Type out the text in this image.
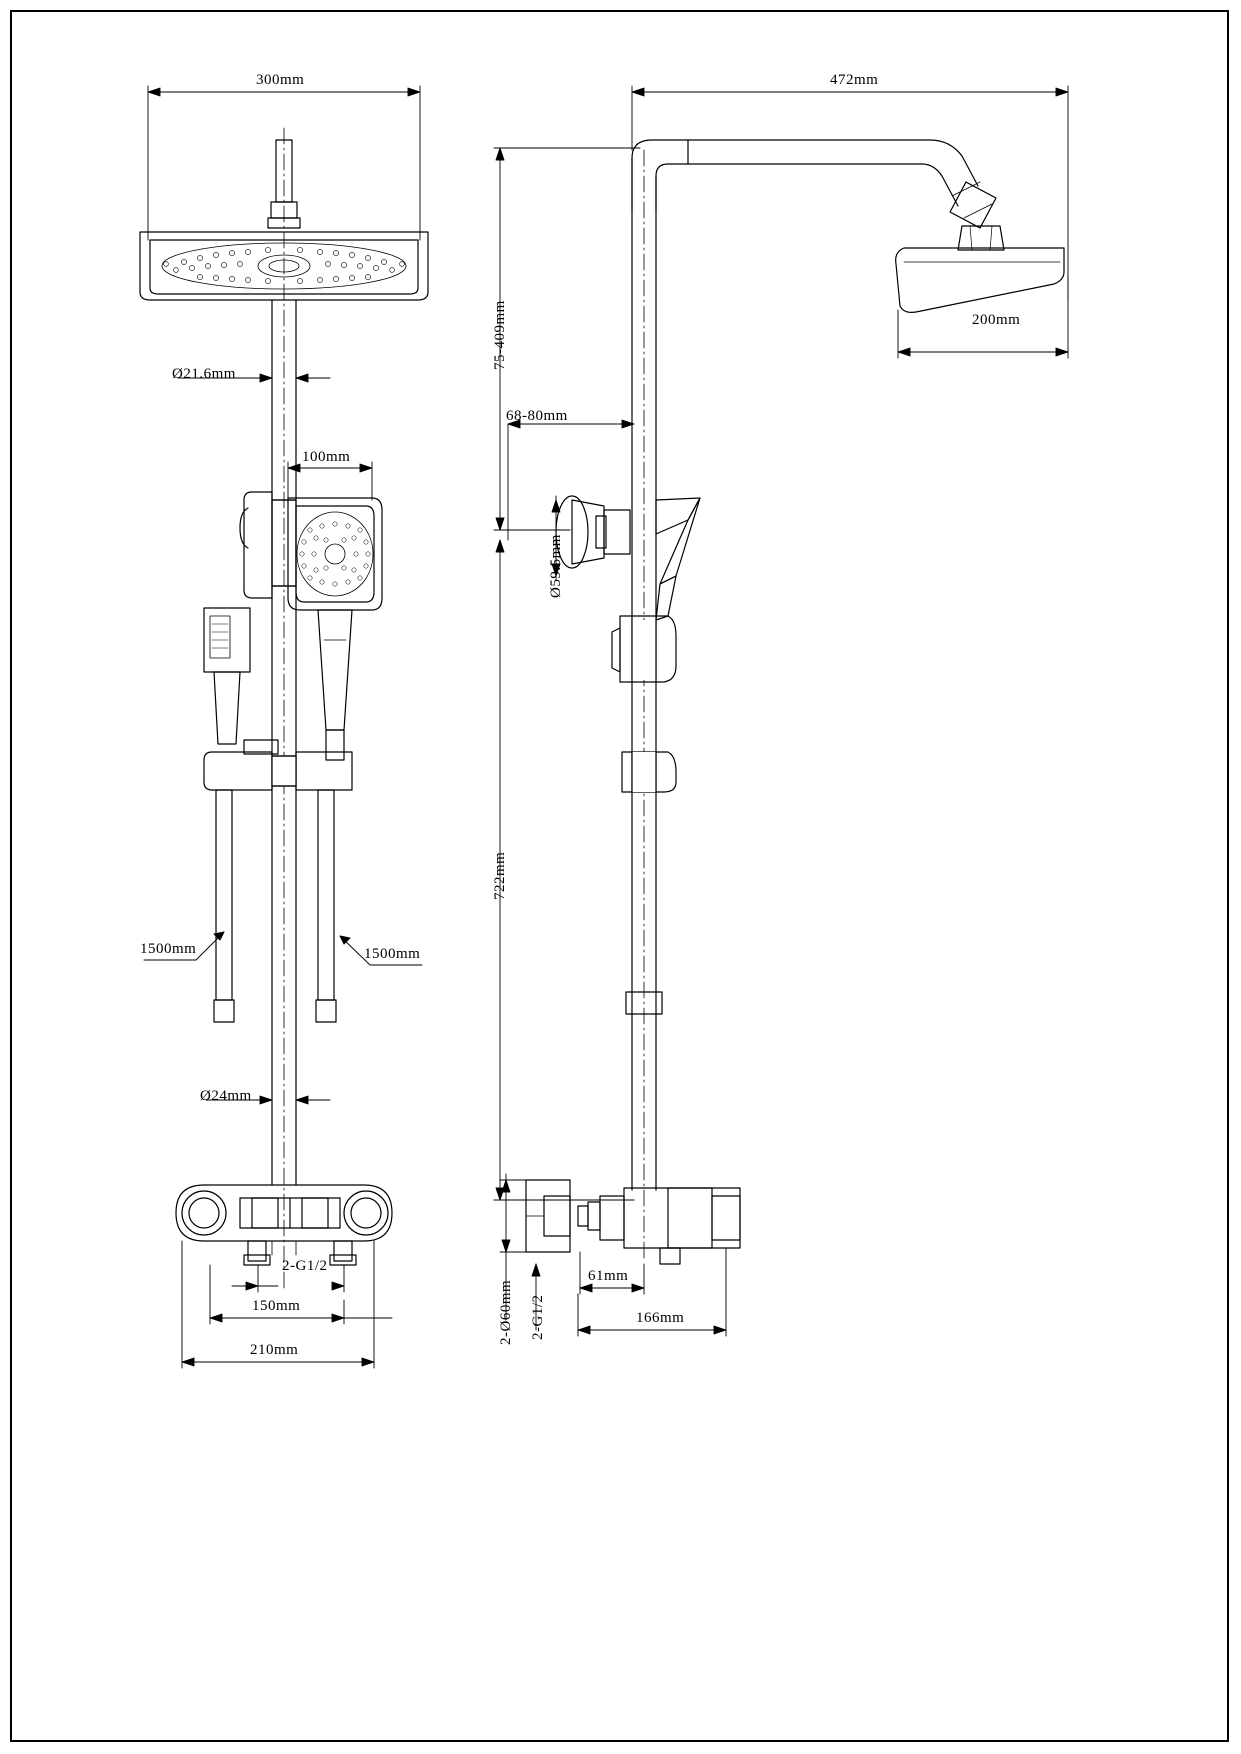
300mm
Ø21.6mm
100mm
1500mm	1500mm
Ø24mm
2-G1/2
150mm
210mm
472mm
200mm
75-409mm
68-80mm
Ø59.5mm
722mm
2-Ø60mm 2-G1/2
61mm
166mm
